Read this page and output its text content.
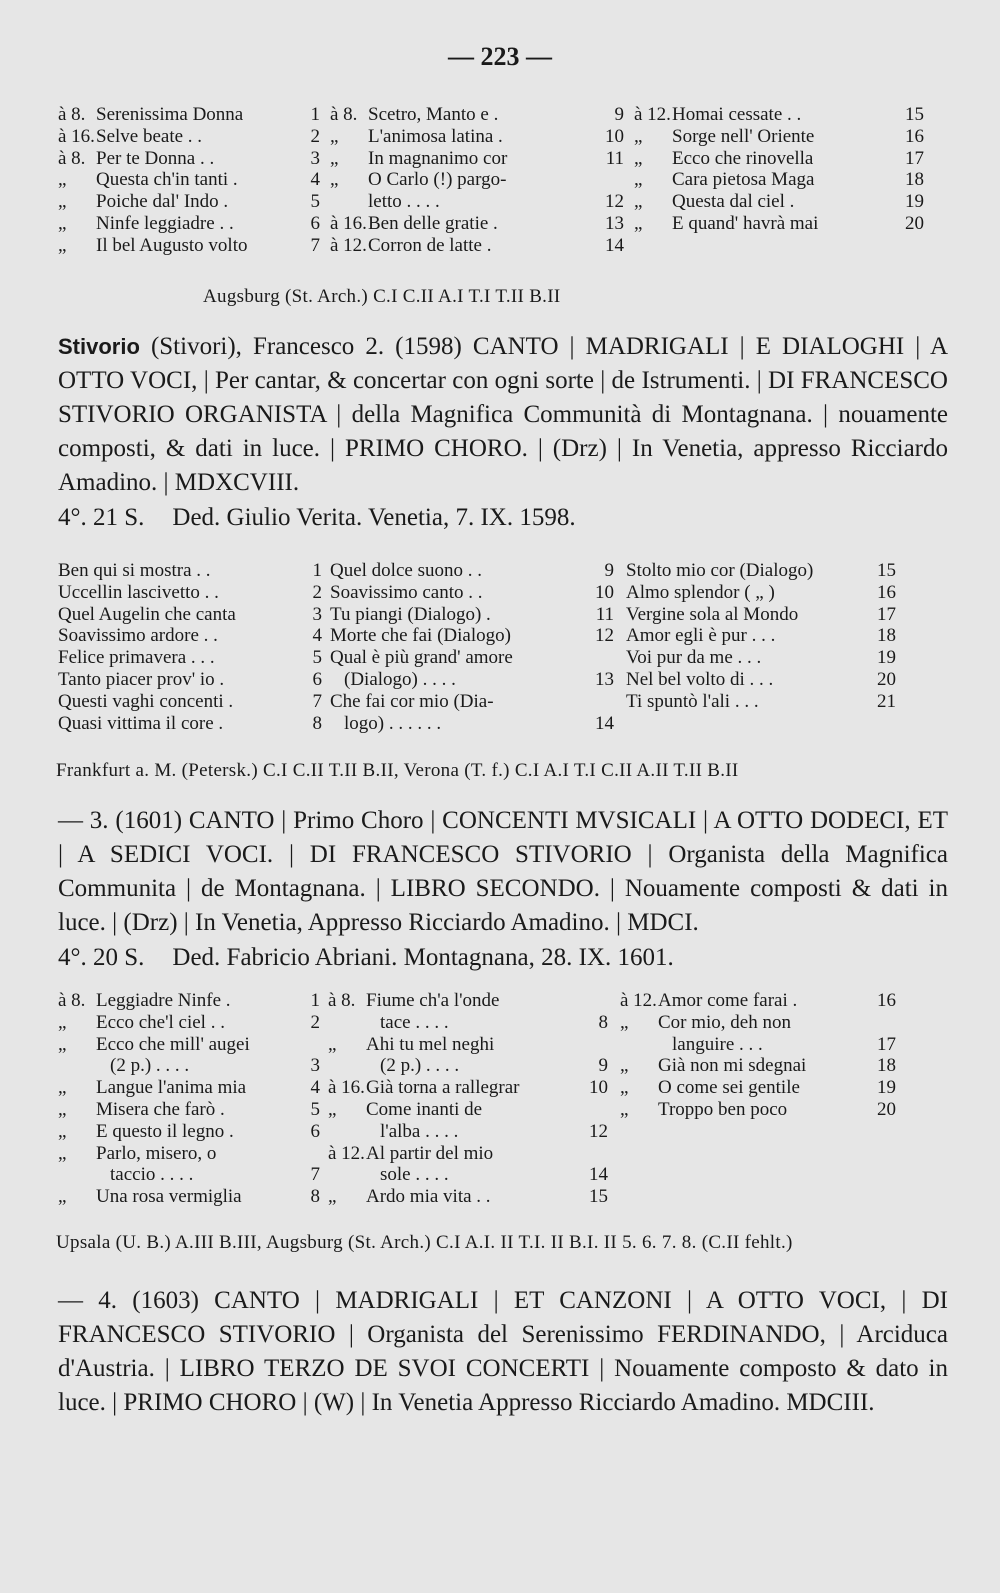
— 223 —
à 8. Serenissima Donna	1
à 16. Selve beate . .	2
à 8. Per te Donna . .	3
„	Questa ch'in tanti .	4
„	Poiche dal' Indo .	5
„	Ninfe leggiadre . .	6
„	Il bel Augusto volto	7
à 8. Scetro, Manto e .	9
„	L'animosa latina .	10
„	In magnanimo cor	11
„	O Carlo (!) pargo-
letto . . . .	12
à 16. Ben delle gratie .	13
à 12. Corron de latte .	14
à 12. Homai cessate . .	15
„	Sorge nell' Oriente	16
„	Ecco che rinovella	17
„	Cara pietosa Maga	18
„	Questa dal ciel .	19
„	E quand' havrà mai	20
Augsburg (St. Arch.) C.I C.II A.I T.I T.II B.II

Stivorio (Stivori), Francesco 2. (1598) CANTO | MADRIGALI | E DIALOGHI | A OTTO VOCI, | Per cantar, & concertar con ogni sorte | de Istrumenti. | DI FRANCESCO STIVORIO ORGANISTA | della Magnifica Communità di Montagnana. | nouamente composti, & dati in luce. | PRIMO CHORO. | (Drz) | In Venetia, appresso Ricciardo Amadino. | MDXCVIII.

4°. 21 S. Ded. Giulio Verita. Venetia, 7. IX. 1598.
Ben qui si mostra . .	1
Uccellin lascivetto . .	2
Quel Augelin che canta	3
Soavissimo ardore . .	4
Felice primavera . . .	5
Tanto piacer prov' io .	6
Questi vaghi concenti .	7
Quasi vittima il core .	8
Quel dolce suono . .	9
Soavissimo canto . .	10
Tu piangi (Dialogo) .	11
Morte che fai (Dialogo)	12
Qual è più grand' amore
(Dialogo) . . . .	13
Che fai cor mio (Dia-
logo) . . . . . .	14
Stolto mio cor (Dialogo)	15
Almo splendor ( „ )	16
Vergine sola al Mondo	17
Amor egli è pur . . .	18
Voi pur da me . . .	19
Nel bel volto di . . .	20
Ti spuntò l'ali . . .	21
Frankfurt a. M. (Petersk.) C.I C.II T.II B.II, Verona (T. f.) C.I A.I T.I C.II A.II T.II B.II

— 3. (1601) CANTO | Primo Choro | CONCENTI MVSICALI | A OTTO DODECI, ET | A SEDICI VOCI. | DI FRANCESCO STIVORIO | Organista della Magnifica Communita | de Montagnana. | LIBRO SECONDO. | Nouamente composti & dati in luce. | (Drz) | In Venetia, Appresso Ricciardo Amadino. | MDCI.

4°. 20 S. Ded. Fabricio Abriani. Montagnana, 28. IX. 1601.
à 8. Leggiadre Ninfe .	1
„	Ecco che'l ciel . .	2
„	Ecco che mill' augei
(2 p.) . . . .	3
„	Langue l'anima mia	4
„	Misera che farò .	5
„	E questo il legno .	6
„	Parlo, misero, o
taccio . . . .	7
„	Una rosa vermiglia	8
à 8. Fiume ch'a l'onde
tace . . . .	8
„	Ahi tu mel neghi
(2 p.) . . . .	9
à 16. Già torna a rallegrar	10
„	Come inanti de
l'alba . . . .	12
à 12. Al partir del mio
sole . . . .	14
„	Ardo mia vita . .	15
à 12. Amor come farai .	16
„	Cor mio, deh non
languire . . .	17
„	Già non mi sdegnai	18
„	O come sei gentile	19
„	Troppo ben poco	20
Upsala (U. B.) A.III B.III, Augsburg (St. Arch.) C.I A.I. II T.I. II B.I. II 5. 6. 7. 8. (C.II fehlt.)

— 4. (1603) CANTO | MADRIGALI | ET CANZONI | A OTTO VOCI, | DI FRANCESCO STIVORIO | Organista del Serenissimo FERDINANDO, | Arciduca d'Austria. | LIBRO TERZO DE SVOI CONCERTI | Nouamente composto & dato in luce. | PRIMO CHORO | (W) | In Venetia Appresso Ricciardo Amadino. MDCIII.
